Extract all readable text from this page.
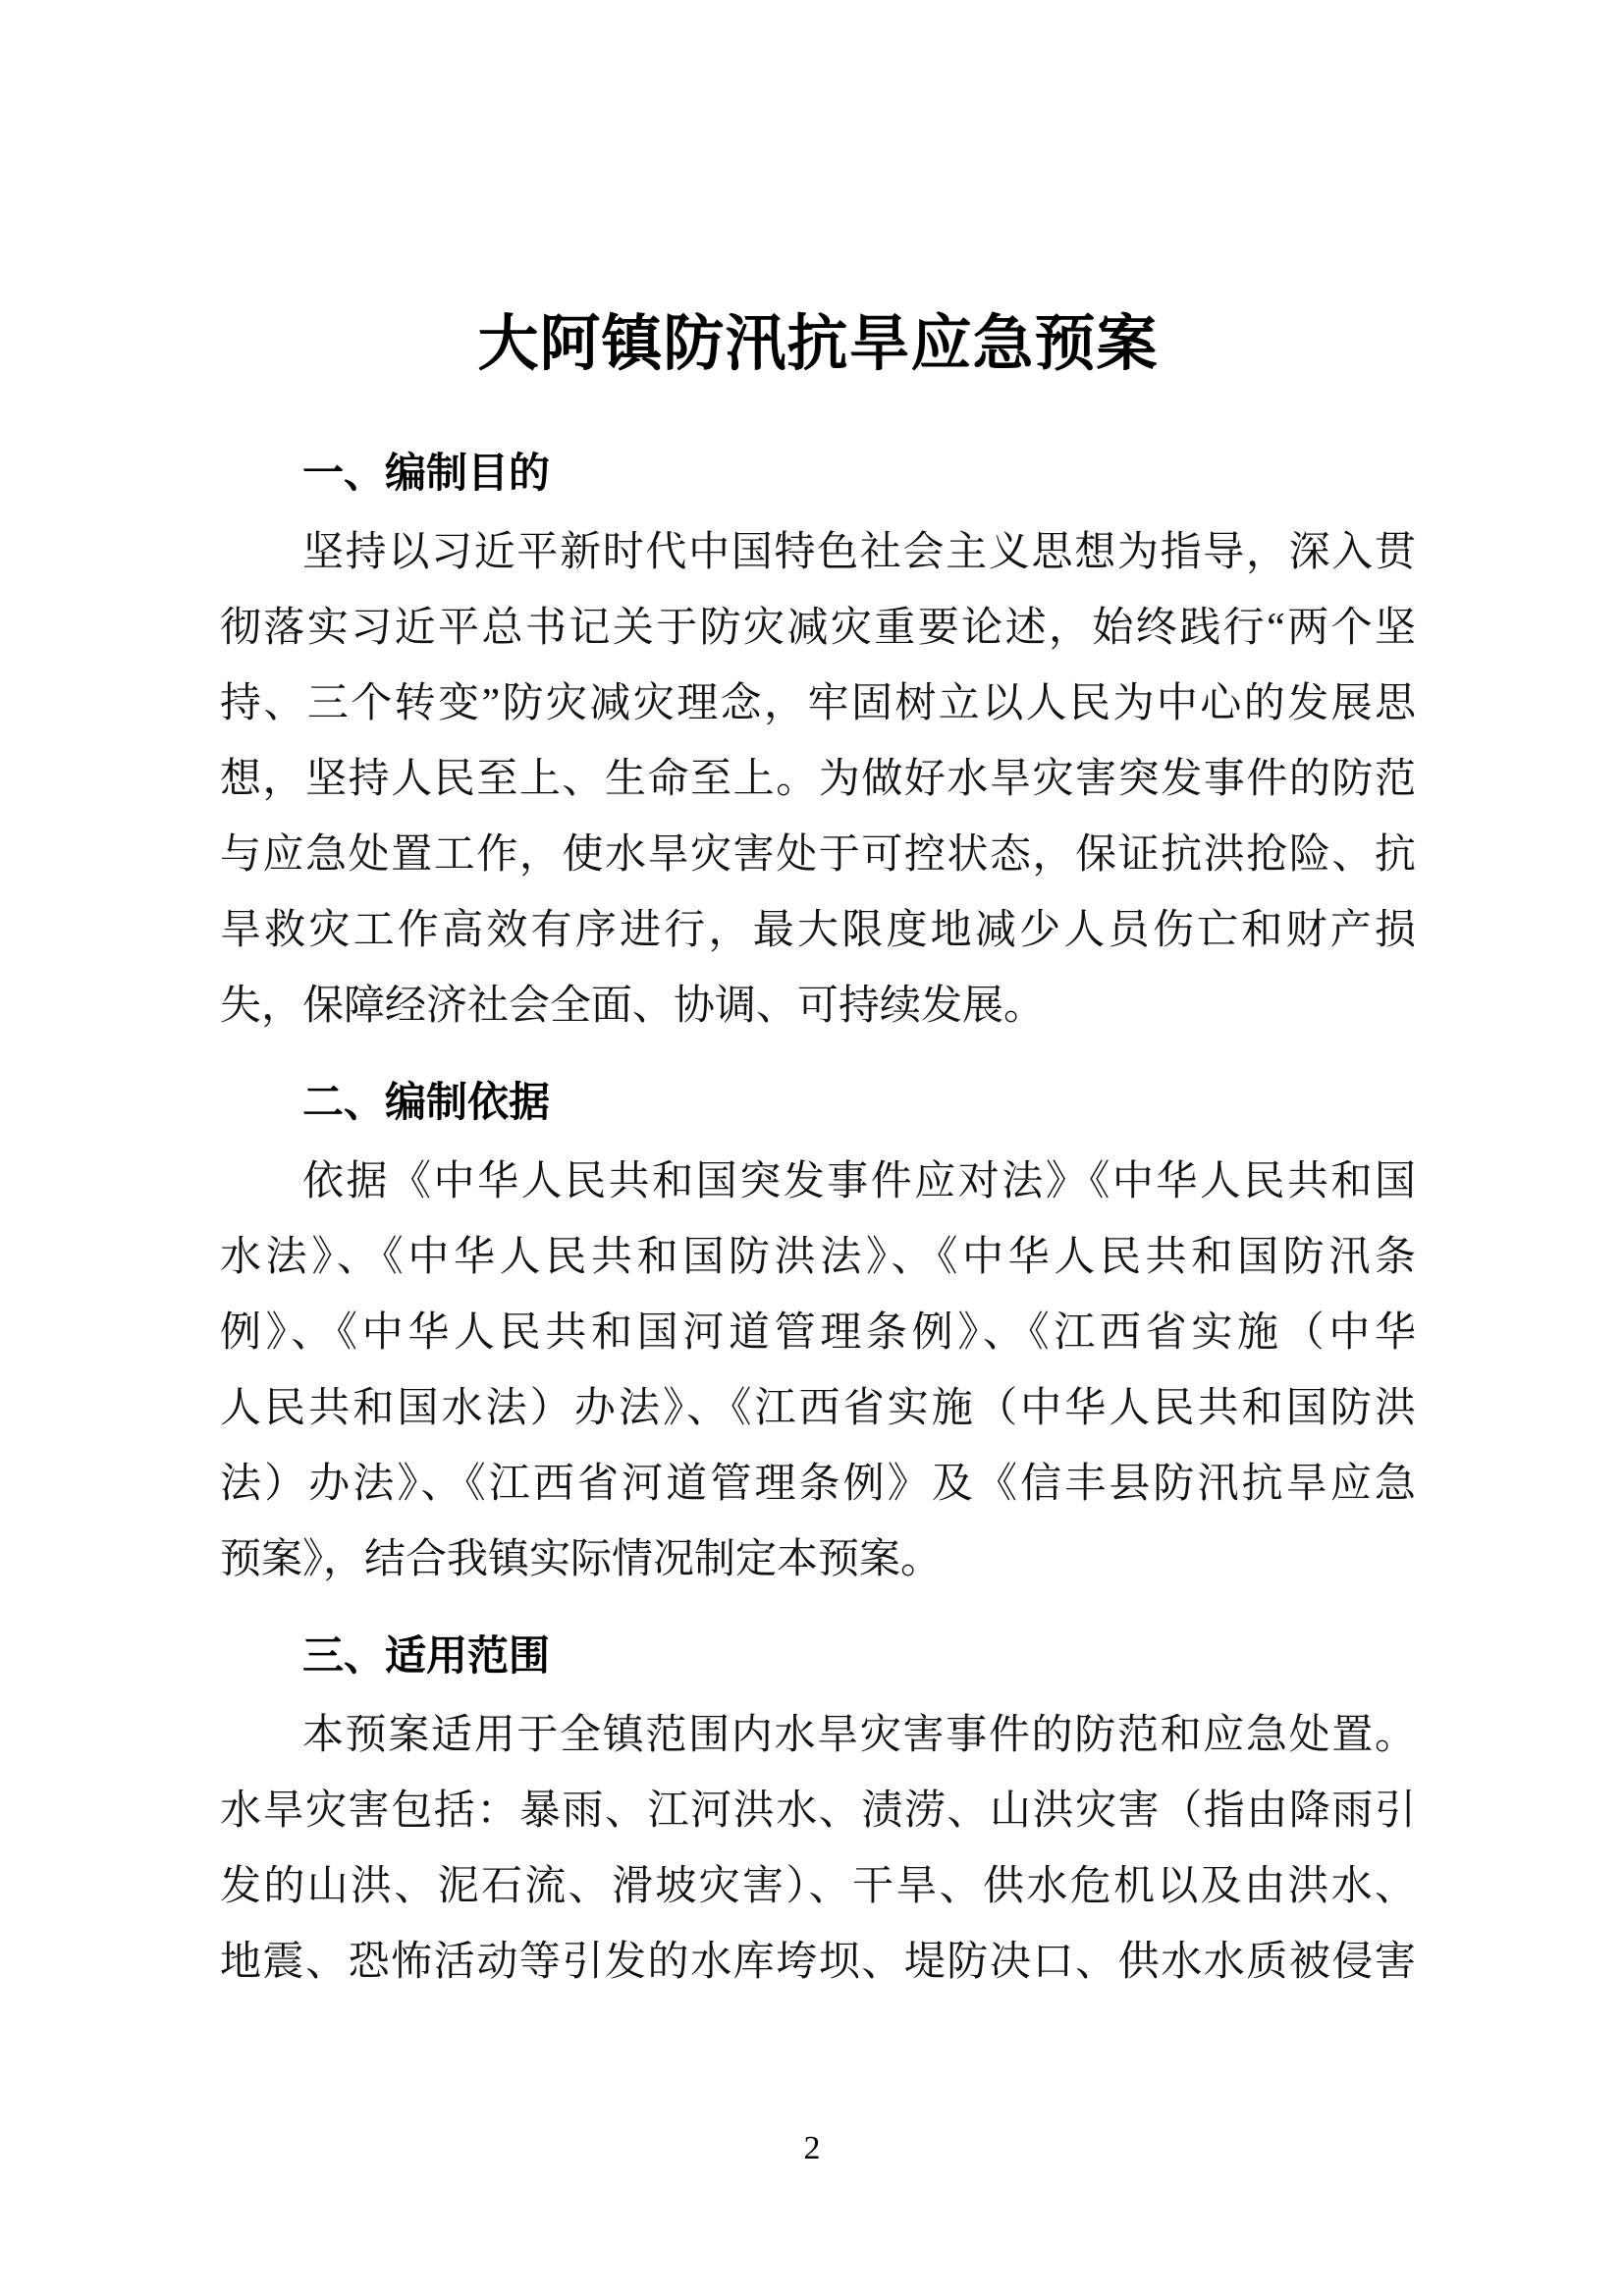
大阿镇防汛抗旱应急预案
一、编制目的
坚持以习近平新时代中国特色社会主义思想为指导，深入贯
彻落实习近平总书记关于防灾减灾重要论述，始终践行“两个坚
持、三个转变”防灾减灾理念，牢固树立以人民为中心的发展思
想，坚持人民至上、生命至上。为做好水旱灾害突发事件的防范
与应急处置工作，使水旱灾害处于可控状态，保证抗洪抢险、抗
旱救灾工作高效有序进行，最大限度地减少人员伤亡和财产损
失，保障经济社会全面、协调、可持续发展。
二、编制依据
依据《中华人民共和国突发事件应对法》《中华人民共和国
水法》、《中华人民共和国防洪法》、《中华人民共和国防汛条
例》、《中华人民共和国河道管理条例》、《江西省实施（中华
人民共和国水法）办法》、《江西省实施（中华人民共和国防洪
法）办法》、《江西省河道管理条例》及《信丰县防汛抗旱应急
预案》，结合我镇实际情况制定本预案。
三、适用范围
本预案适用于全镇范围内水旱灾害事件的防范和应急处置。
水旱灾害包括：暴雨、江河洪水、渍涝、山洪灾害（指由降雨引
发的山洪、泥石流、滑坡灾害）、干旱、供水危机以及由洪水、
地震、恐怖活动等引发的水库垮坝、堤防决口、供水水质被侵害
2
